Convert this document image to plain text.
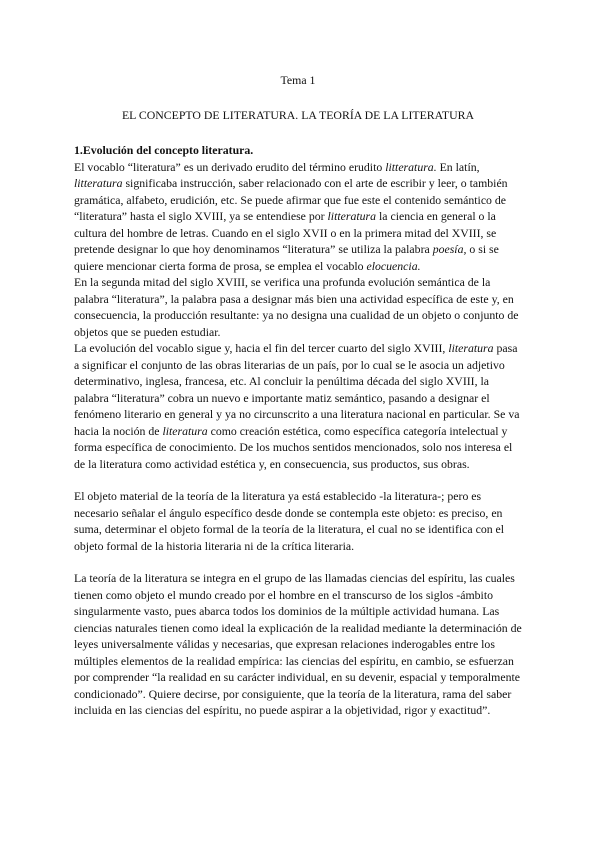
Tema 1

EL CONCEPTO DE LITERATURA. LA TEORÍA DE LA LITERATURA

1.Evolución del concepto literatura.

El vocablo “literatura” es un derivado erudito del término erudito litteratura. En latín, litteratura significaba instrucción, saber relacionado con el arte de escribir y leer, o también gramática, alfabeto, erudición, etc. Se puede afirmar que fue este el contenido semántico de “literatura” hasta el siglo XVIII, ya se entendiese por litteratura la ciencia en general o la cultura del hombre de letras. Cuando en el siglo XVII o en la primera mitad del XVIII, se pretende designar lo que hoy denominamos “literatura” se utiliza la palabra poesía, o si se quiere mencionar cierta forma de prosa, se emplea el vocablo elocuencia.

En la segunda mitad del siglo XVIII, se verifica una profunda evolución semántica de la palabra “literatura”, la palabra pasa a designar más bien una actividad específica de este y, en consecuencia, la producción resultante: ya no designa una cualidad de un objeto o conjunto de objetos que se pueden estudiar.

La evolución del vocablo sigue y, hacia el fin del tercer cuarto del siglo XVIII, literatura pasa a significar el conjunto de las obras literarias de un país, por lo cual se le asocia un adjetivo determinativo, inglesa, francesa, etc. Al concluir la penúltima década del siglo XVIII, la palabra “literatura” cobra un nuevo e importante matiz semántico, pasando a designar el fenómeno literario en general y ya no circunscrito a una literatura nacional en particular. Se va hacia la noción de literatura como creación estética, como específica categoría intelectual y forma específica de conocimiento. De los muchos sentidos mencionados, solo nos interesa el de la literatura como actividad estética y, en consecuencia, sus productos, sus obras.

El objeto material de la teoría de la literatura ya está establecido -la literatura-; pero es necesario señalar el ángulo específico desde donde se contempla este objeto: es preciso, en suma, determinar el objeto formal de la teoría de la literatura, el cual no se identifica con el objeto formal de la historia literaria ni de la crítica literaria.

La teoría de la literatura se integra en el grupo de las llamadas ciencias del espíritu, las cuales tienen como objeto el mundo creado por el hombre en el transcurso de los siglos -ámbito singularmente vasto, pues abarca todos los dominios de la múltiple actividad humana. Las ciencias naturales tienen como ideal la explicación de la realidad mediante la determinación de leyes universalmente válidas y necesarias, que expresan relaciones inderogables entre los múltiples elementos de la realidad empírica: las ciencias del espíritu, en cambio, se esfuerzan por comprender “la realidad en su carácter individual, en su devenir, espacial y temporalmente condicionado”. Quiere decirse, por consiguiente, que la teoría de la literatura, rama del saber incluida en las ciencias del espíritu, no puede aspirar a la objetividad, rigor y exactitud”.
